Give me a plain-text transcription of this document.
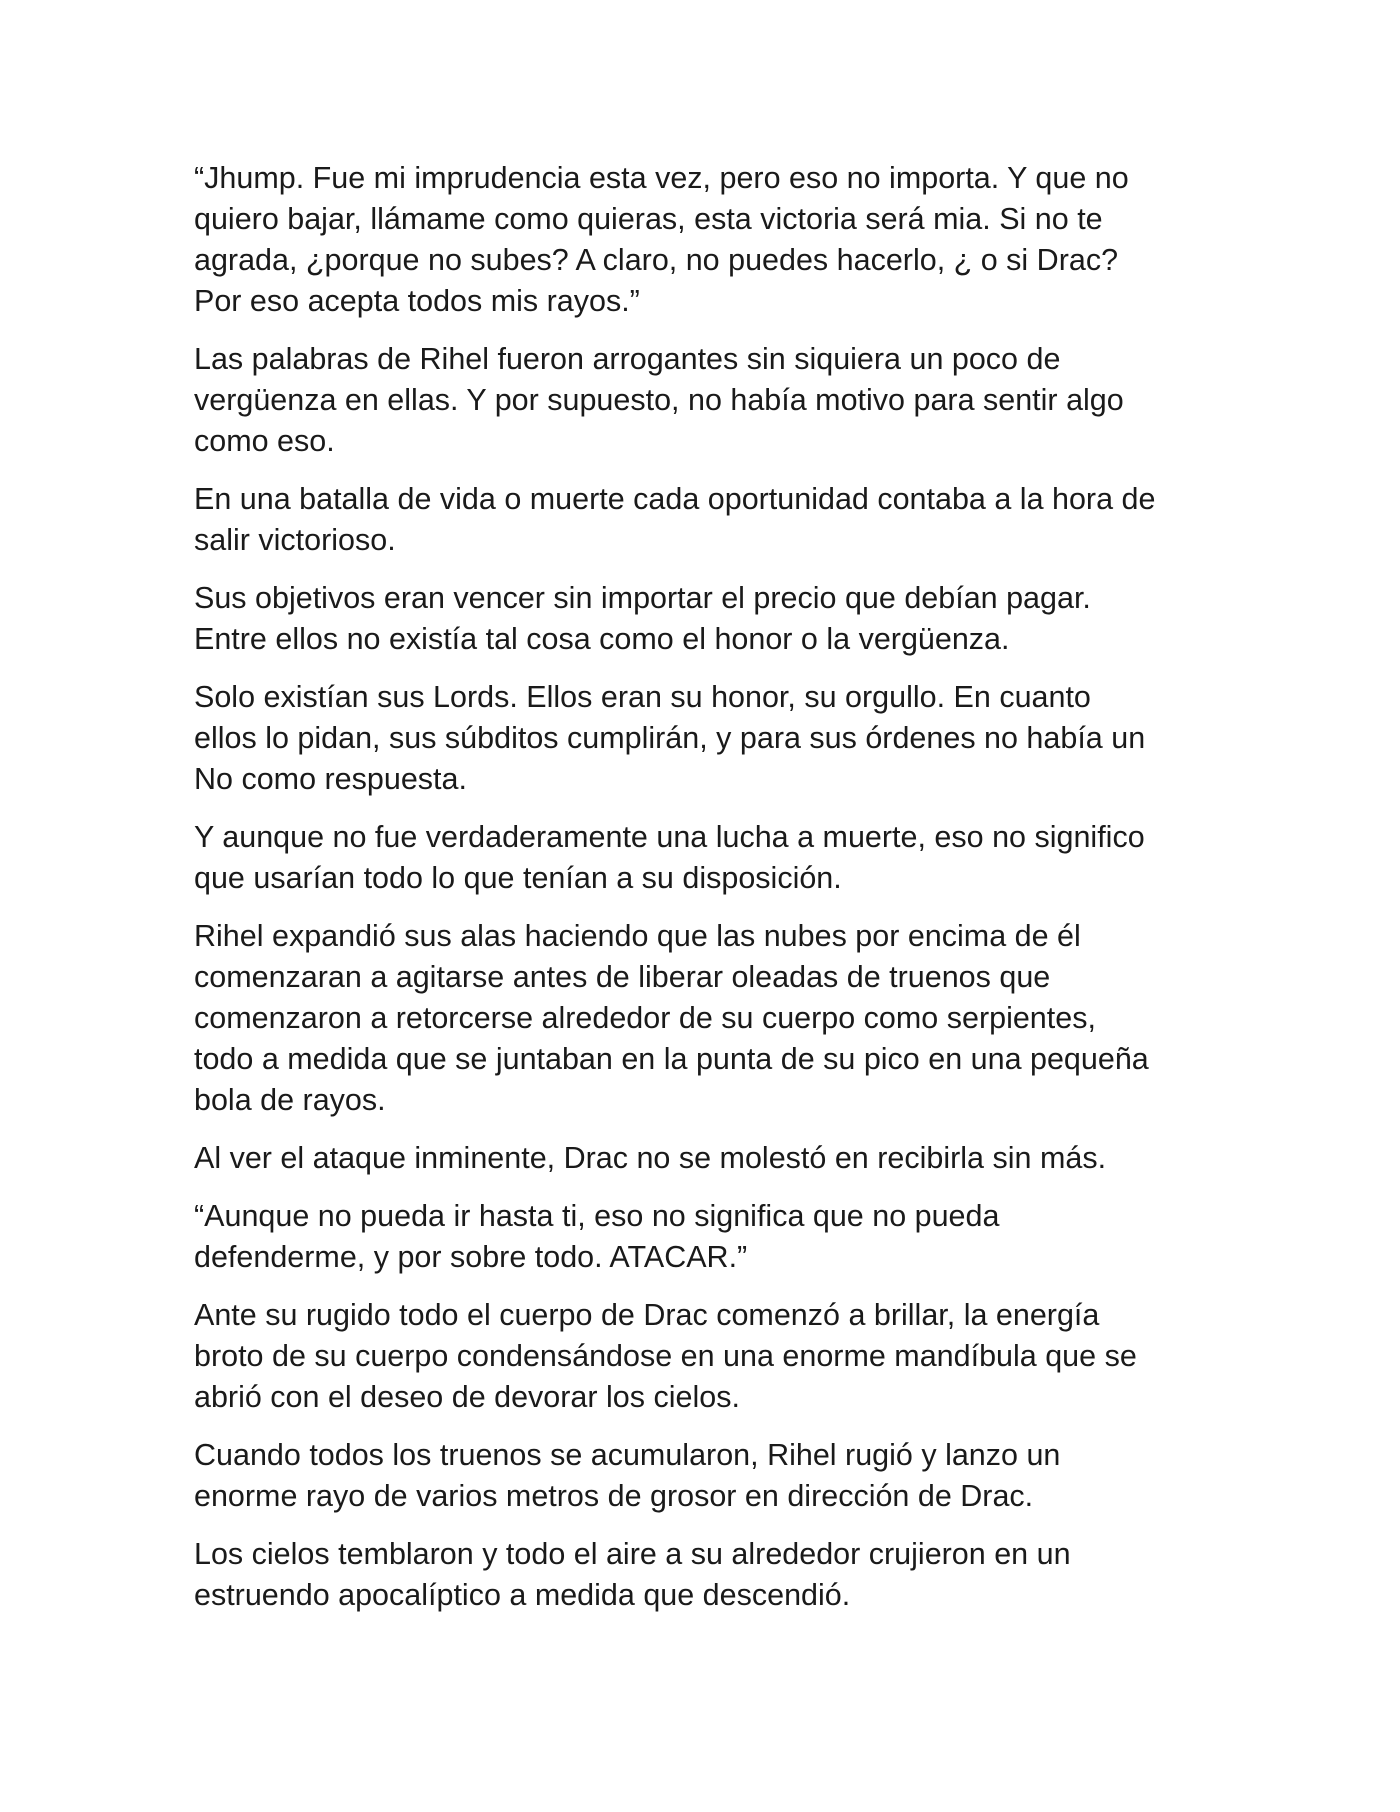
“Jhump. Fue mi imprudencia esta vez, pero eso no importa. Y que no
quiero bajar, llámame como quieras, esta victoria será mia. Si no te
agrada, ¿porque no subes? A claro, no puedes hacerlo, ¿ o si Drac?
Por eso acepta todos mis rayos.”

Las palabras de Rihel fueron arrogantes sin siquiera un poco de
vergüenza en ellas. Y por supuesto, no había motivo para sentir algo
como eso.

En una batalla de vida o muerte cada oportunidad contaba a la hora de
salir victorioso.

Sus objetivos eran vencer sin importar el precio que debían pagar.
Entre ellos no existía tal cosa como el honor o la vergüenza.

Solo existían sus Lords. Ellos eran su honor, su orgullo. En cuanto
ellos lo pidan, sus súbditos cumplirán, y para sus órdenes no había un
No como respuesta.

Y aunque no fue verdaderamente una lucha a muerte, eso no significo
que usarían todo lo que tenían a su disposición.

Rihel expandió sus alas haciendo que las nubes por encima de él
comenzaran a agitarse antes de liberar oleadas de truenos que
comenzaron a retorcerse alrededor de su cuerpo como serpientes,
todo a medida que se juntaban en la punta de su pico en una pequeña
bola de rayos.

Al ver el ataque inminente, Drac no se molestó en recibirla sin más.

“Aunque no pueda ir hasta ti, eso no significa que no pueda
defenderme, y por sobre todo. ATACAR.”

Ante su rugido todo el cuerpo de Drac comenzó a brillar, la energía
broto de su cuerpo condensándose en una enorme mandíbula que se
abrió con el deseo de devorar los cielos.

Cuando todos los truenos se acumularon, Rihel rugió y lanzo un
enorme rayo de varios metros de grosor en dirección de Drac.

Los cielos temblaron y todo el aire a su alrededor crujieron en un
estruendo apocalíptico a medida que descendió.
